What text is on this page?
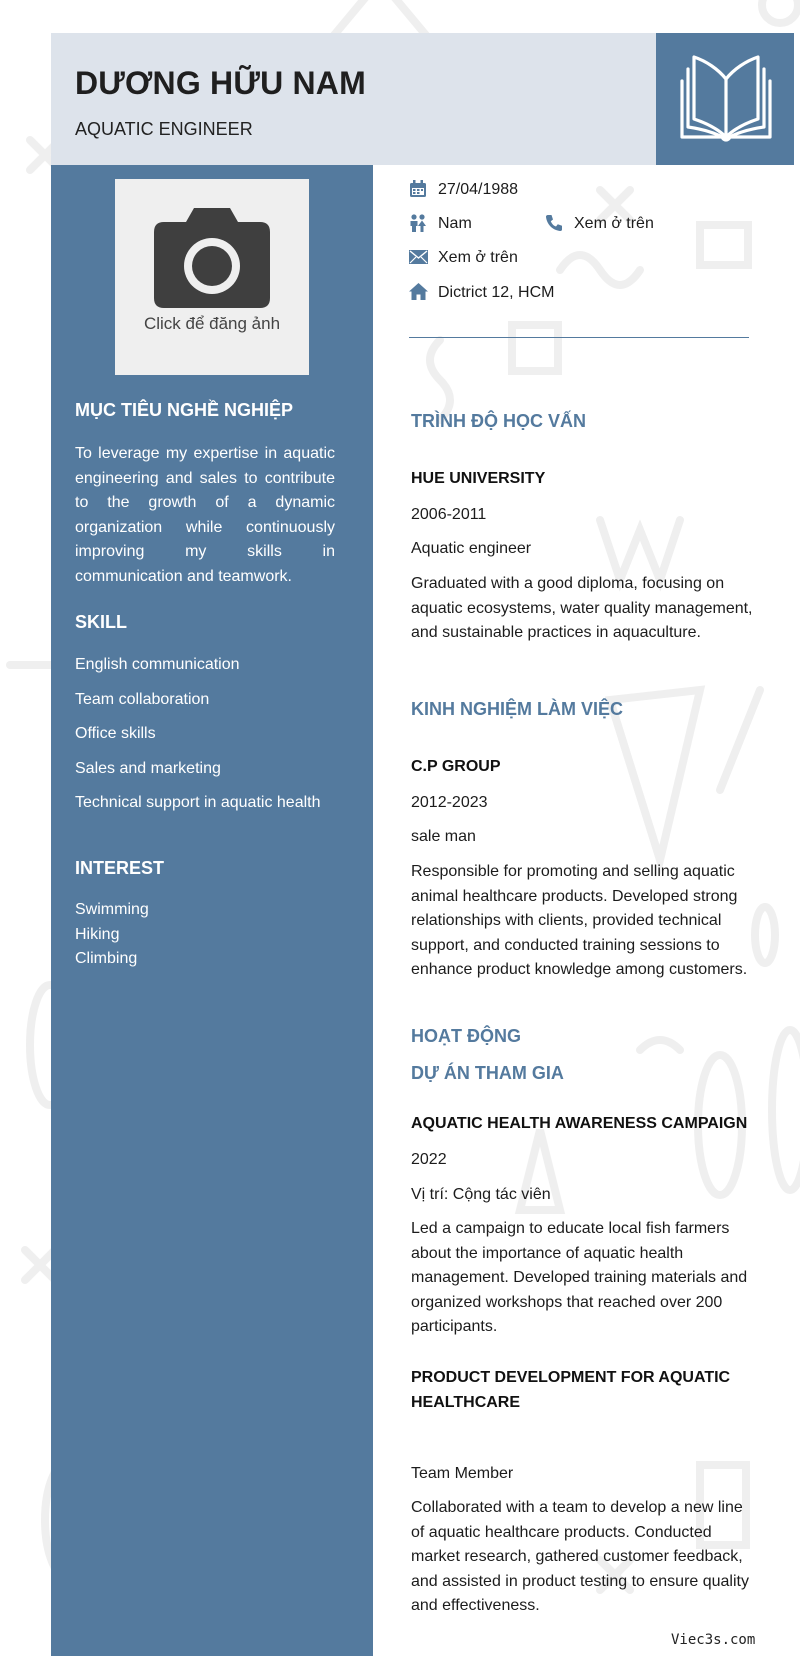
DƯƠNG HỮU NAM

AQUATIC ENGINEER

Click để đăng ảnh
MỤC TIÊU NGHỀ NGHIỆP

To leverage my expertise in aquatic engineering and sales to contribute to the growth of a dynamic organization while continuously improving my skills in communication and teamwork.

SKILL
English communication
Team collaboration
Office skills
Sales and marketing
Technical support in aquatic health
INTEREST
Swimming
Hiking
Climbing
27/04/1988
Nam	Xem ở trên
Xem ở trên
Dictrict 12, HCM
TRÌNH ĐỘ HỌC VẤN

HUE UNIVERSITY

2006-2011

Aquatic engineer

Graduated with a good diploma, focusing on aquatic ecosystems, water quality management, and sustainable practices in aquaculture.

KINH NGHIỆM LÀM VIỆC

C.P GROUP

2012-2023

sale man

Responsible for promoting and selling aquatic animal healthcare products. Developed strong relationships with clients, provided technical support, and conducted training sessions to enhance product knowledge among customers.

HOẠT ĐỘNG
DỰ ÁN THAM GIA

AQUATIC HEALTH AWARENESS CAMPAIGN

2022

Vị trí: Cộng tác viên

Led a campaign to educate local fish farmers about the importance of aquatic health management. Developed training materials and organized workshops that reached over 200 participants.

PRODUCT DEVELOPMENT FOR AQUATIC HEALTHCARE

Team Member

Collaborated with a team to develop a new line of aquatic healthcare products. Conducted market research, gathered customer feedback, and assisted in product testing to ensure quality and effectiveness.

Viec3s.com
